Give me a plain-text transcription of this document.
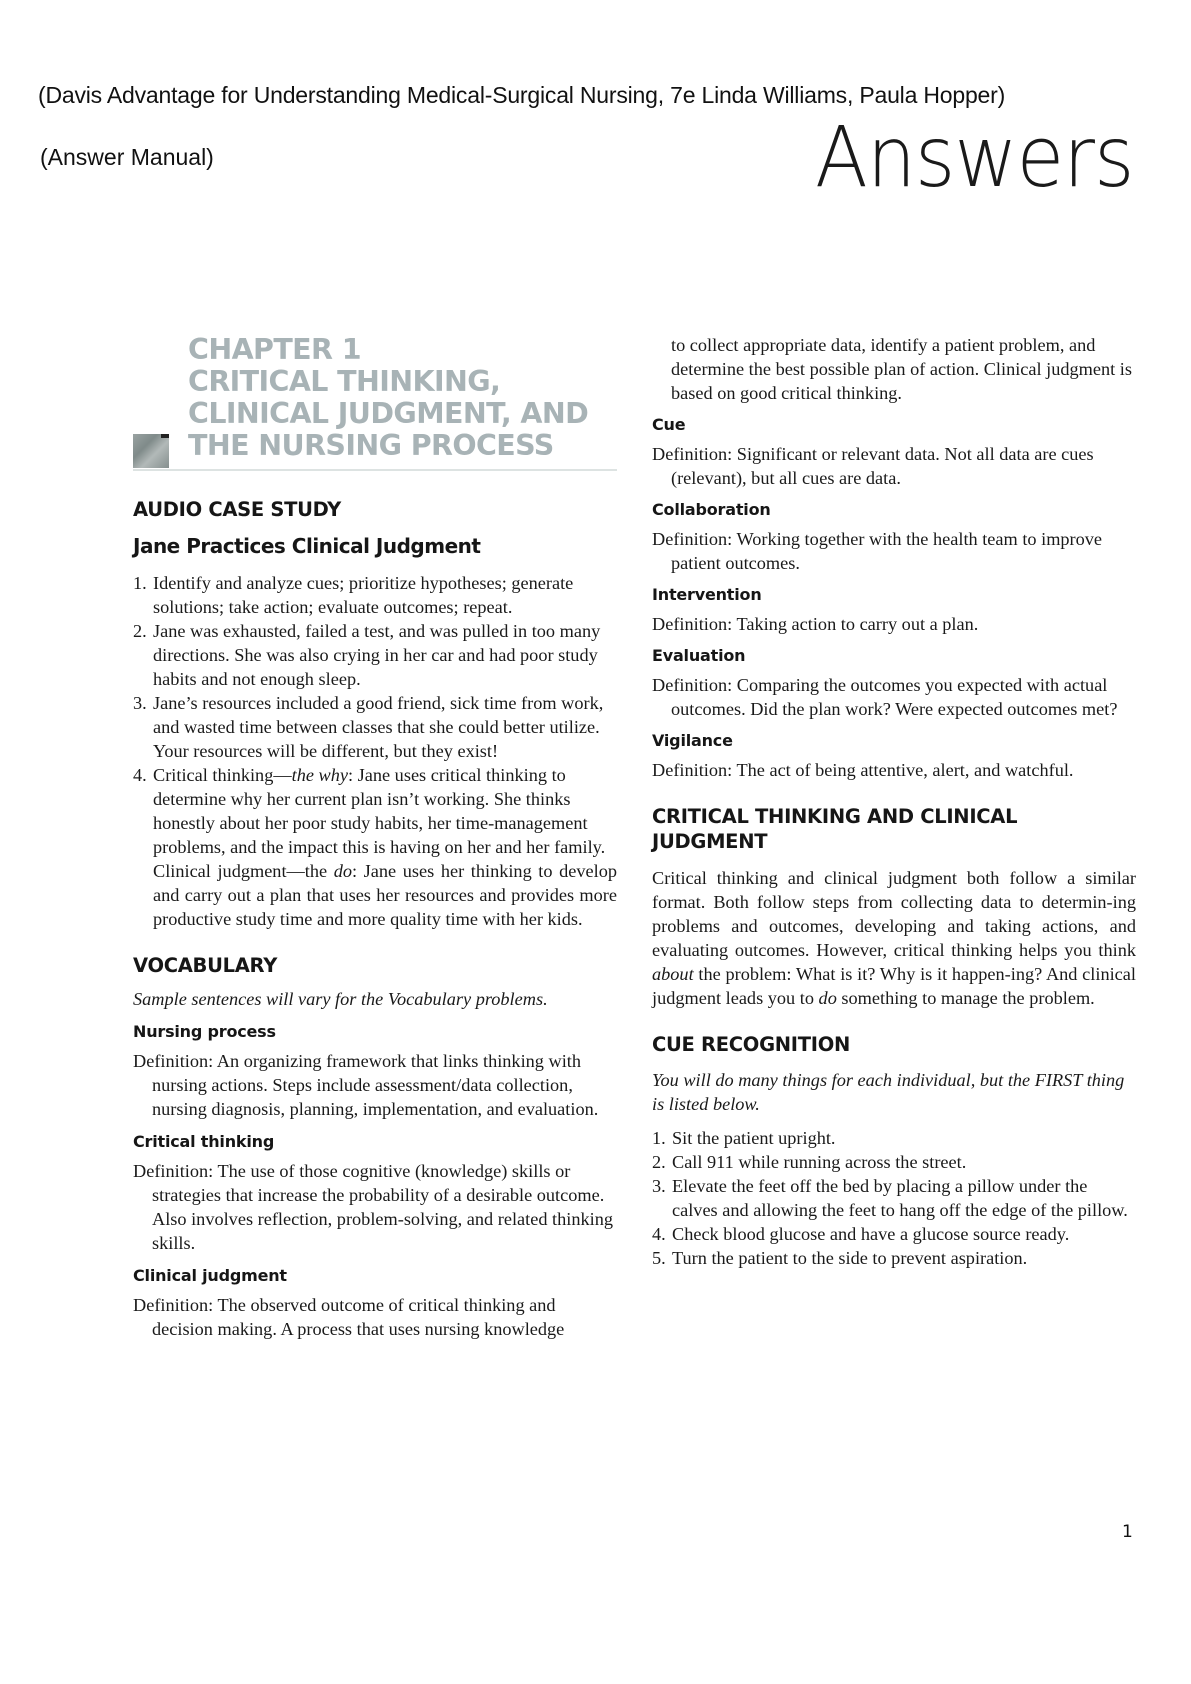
(Davis Advantage for Understanding Medical-Surgical Nursing, 7e Linda Williams, Paula Hopper)
(Answer Manual)	Answers
CHAPTER 1
CRITICAL THINKING,
CLINICAL JUDGMENT, AND
THE NURSING PROCESS
AUDIO CASE STUDY
Jane Practices Clinical Judgment
1. Identify and analyze cues; prioritize hypotheses; generate solutions; take action; evaluate outcomes; repeat.
2. Jane was exhausted, failed a test, and was pulled in too many directions. She was also crying in her car and had poor study habits and not enough sleep.
3. Jane’s resources included a good friend, sick time from work, and wasted time between classes that she could better utilize. Your resources will be different, but they exist!
4. Critical thinking—the why: Jane uses critical thinking to determine why her current plan isn’t working. She thinks honestly about her poor study habits, her time-management problems, and the impact this is having on her and her family.
Clinical judgment—the do: Jane uses her thinking to develop and carry out a plan that uses her resources and provides more productive study time and more quality time with her kids.
VOCABULARY
Sample sentences will vary for the Vocabulary problems.
Nursing process
Definition: An organizing framework that links thinking with nursing actions. Steps include assessment/data collection, nursing diagnosis, planning, implementation, and evaluation.
Critical thinking
Definition: The use of those cognitive (knowledge) skills or strategies that increase the probability of a desirable outcome. Also involves reflection, problem-solving, and related thinking skills.
Clinical judgment
Definition: The observed outcome of critical thinking and decision making. A process that uses nursing knowledge
to collect appropriate data, identify a patient problem, and determine the best possible plan of action. Clinical judgment is based on good critical thinking.
Cue
Definition: Significant or relevant data. Not all data are cues (relevant), but all cues are data.
Collaboration
Definition: Working together with the health team to improve patient outcomes.
Intervention
Definition: Taking action to carry out a plan.
Evaluation
Definition: Comparing the outcomes you expected with actual outcomes. Did the plan work? Were expected outcomes met?
Vigilance
Definition: The act of being attentive, alert, and watchful.
CRITICAL THINKING AND CLINICAL JUDGMENT
Critical thinking and clinical judgment both follow a similar format. Both follow steps from collecting data to determin-ing problems and outcomes, developing and taking actions, and evaluating outcomes. However, critical thinking helps you think about the problem: What is it? Why is it happen-ing? And clinical judgment leads you to do something to manage the problem.
CUE RECOGNITION
You will do many things for each individual, but the FIRST thing is listed below.
1. Sit the patient upright.
2. Call 911 while running across the street.
3. Elevate the feet off the bed by placing a pillow under the calves and allowing the feet to hang off the edge of the pillow.
4. Check blood glucose and have a glucose source ready.
5. Turn the patient to the side to prevent aspiration.
1
